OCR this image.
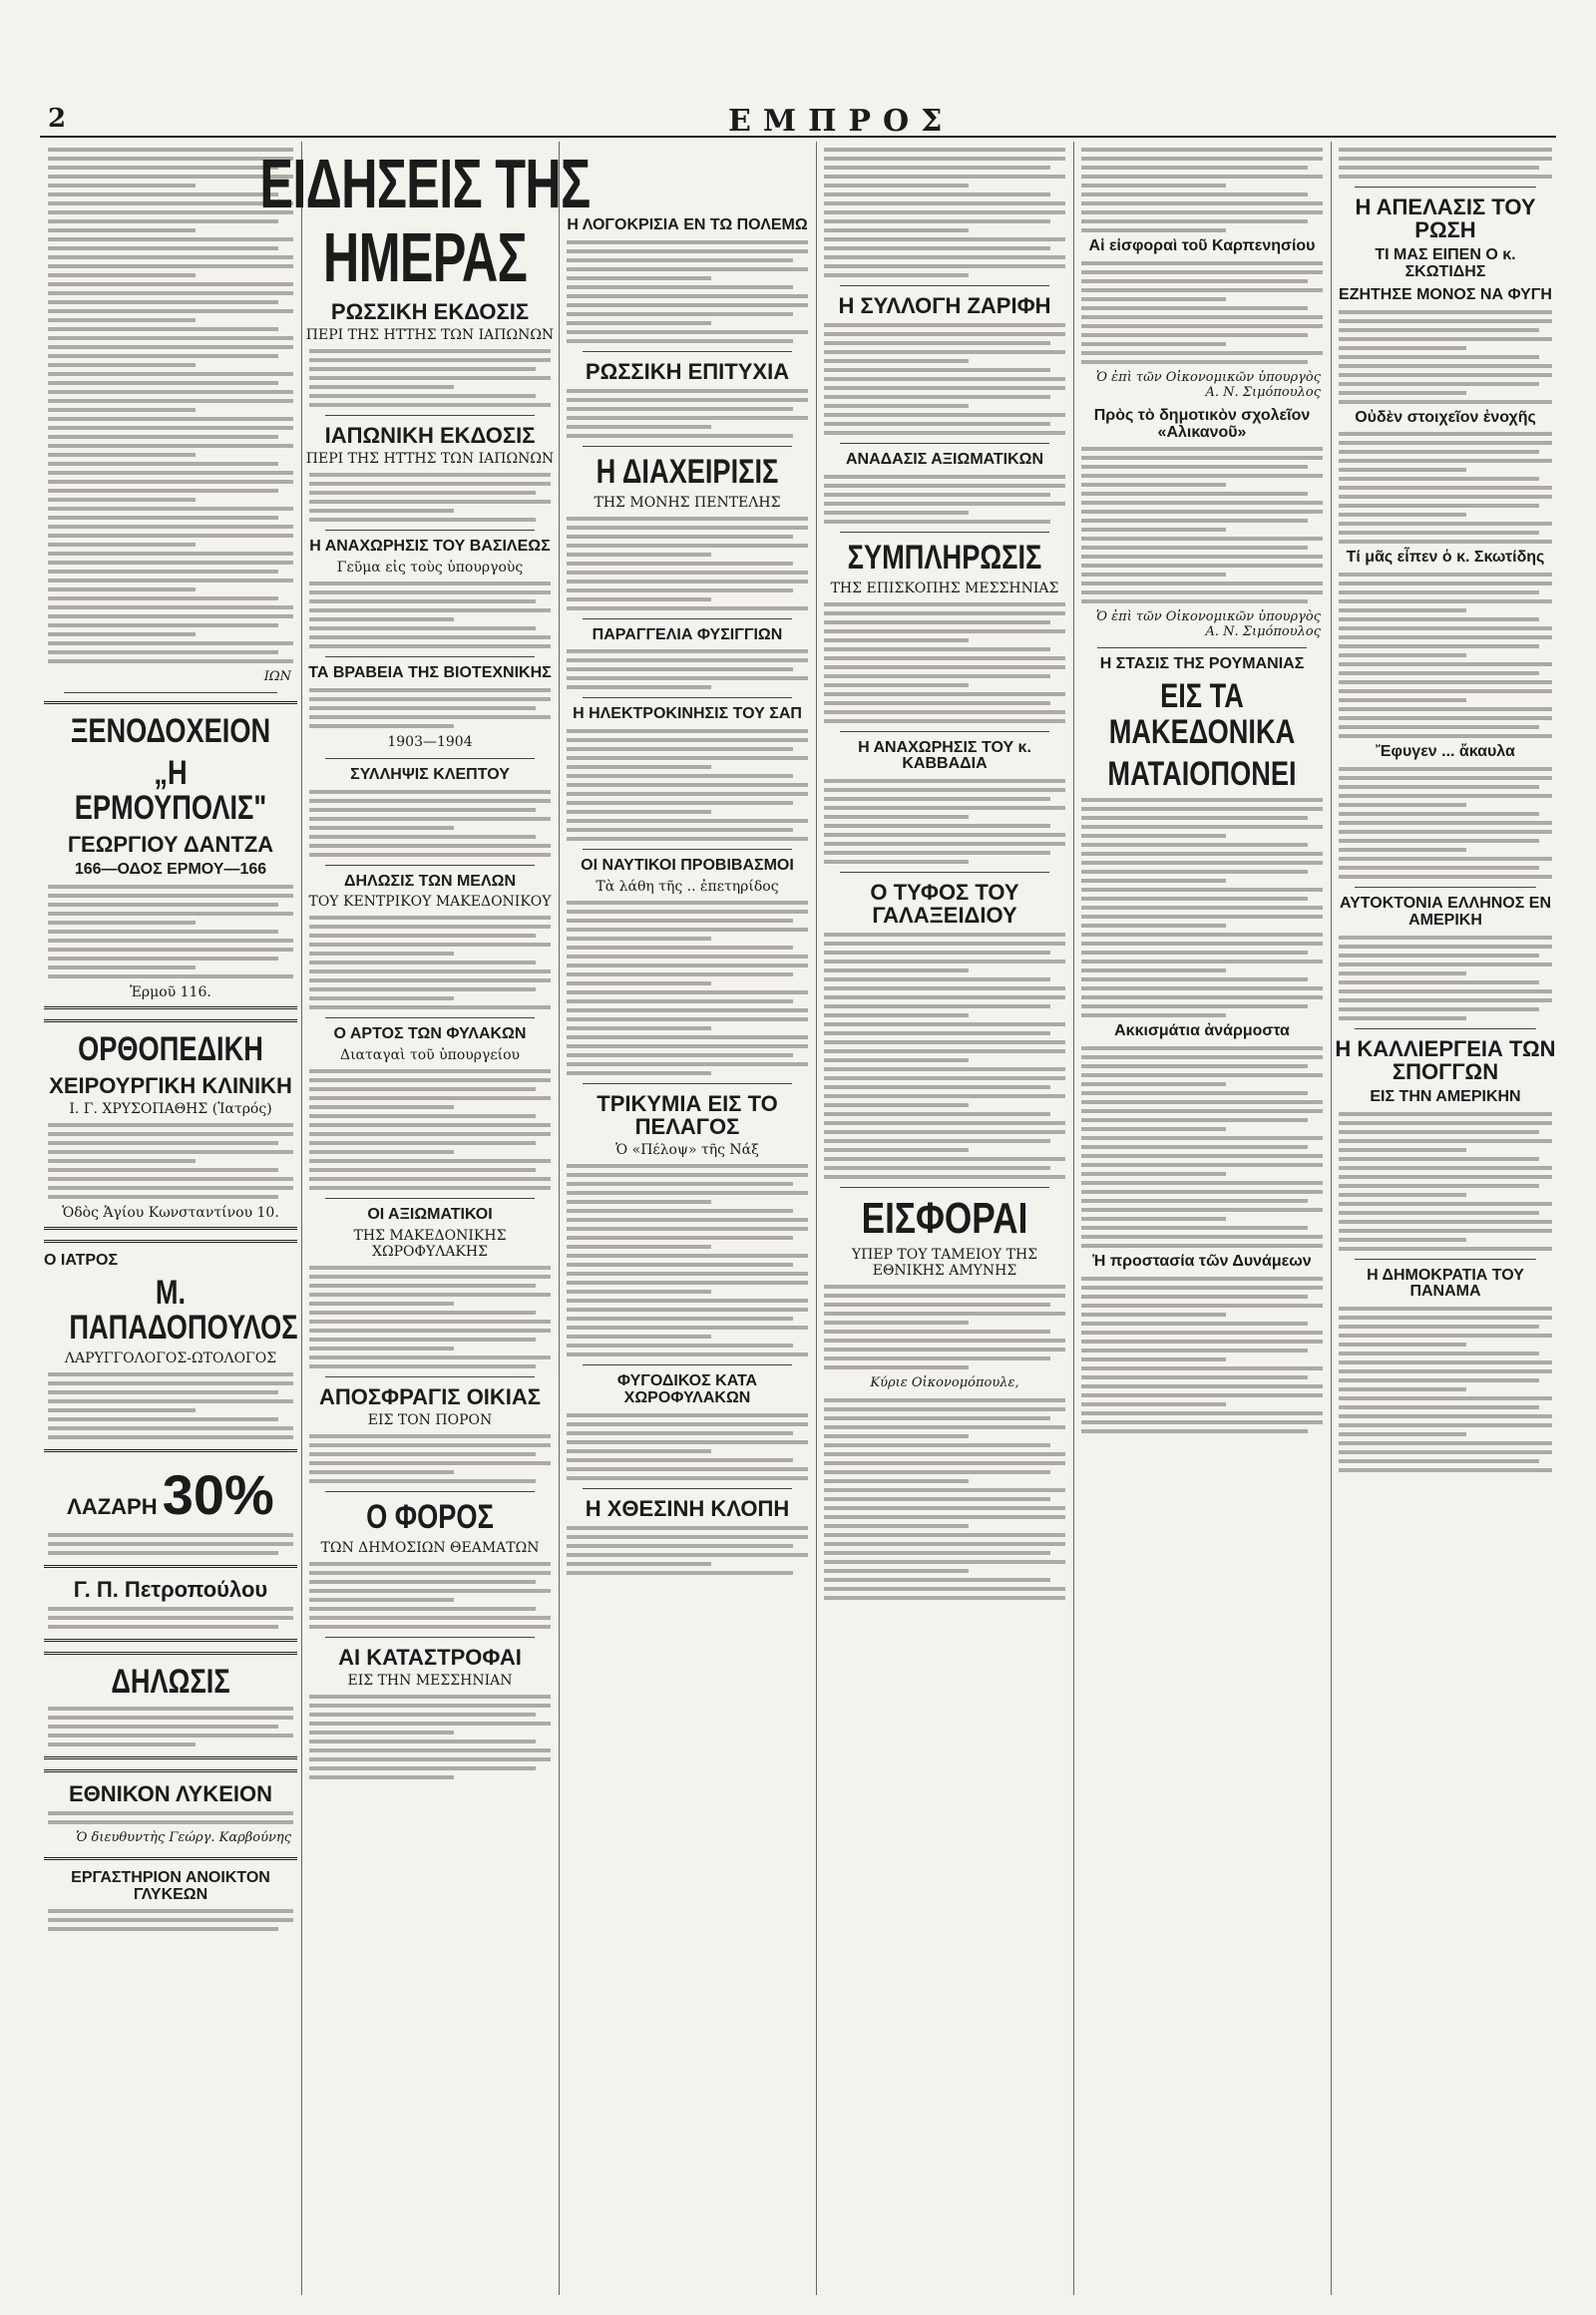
2	ΕΜΠΡΟΣ
ΙΩΝ
ΞΕΝΟΔΟΧΕΙΟΝ
„Η ΕΡΜΟΥΠΟΛΙΣ"
ΓΕΩΡΓΙΟΥ ΔΑΝΤΖΑ
166—ΟΔΟΣ ΕΡΜΟΥ—166
Ἑρμοῦ 116.
ΟΡΘΟΠΕΔΙΚΗ
ΧΕΙΡΟΥΡΓΙΚΗ ΚΛΙΝΙΚΗ
Ι. Γ. ΧΡΥΣΟΠΑΘΗΣ (Ἰατρός)
Ὁδὸς Ἁγίου Κωνσταντίνου 10.
Ο ΙΑΤΡΟΣ
Μ. ΠΑΠΑΔΟΠΟΥΛΟΣ
ΛΑΡΥΓΓΟΛΟΓΟΣ-ΩΤΟΛΟΓΟΣ
ΛΑΖΑΡΗ 30%
Γ. Π. Πετροπούλου
ΔΗΛΩΣΙΣ
ΕΘΝΙΚΟΝ ΛΥΚΕΙΟΝ
Ὁ διευθυντὴς Γεώργ. Καρβούνης
ΕΡΓΑΣΤΗΡΙΟΝ ΑΝΟΙΚΤΟΝ ΓΛΥΚΕΩΝ
ΕΙΔΗΣΕΙΣ ΤΗΣ ΗΜΕΡΑΣ
ΡΩΣΣΙΚΗ ΕΚΔΟΣΙΣ
ΠΕΡΙ ΤΗΣ ΗΤΤΗΣ ΤΩΝ ΙΑΠΩΝΩΝ
ΙΑΠΩΝΙΚΗ ΕΚΔΟΣΙΣ
ΠΕΡΙ ΤΗΣ ΗΤΤΗΣ ΤΩΝ ΙΑΠΩΝΩΝ
Η ΑΝΑΧΩΡΗΣΙΣ ΤΟΥ ΒΑΣΙΛΕΩΣ
Γεῦμα εἰς τοὺς ὑπουργοὺς
ΤΑ ΒΡΑΒΕΙΑ ΤΗΣ ΒΙΟΤΕΧΝΙΚΗΣ
1903—1904
ΣΥΛΛΗΨΙΣ ΚΛΕΠΤΟΥ
ΔΗΛΩΣΙΣ ΤΩΝ ΜΕΛΩΝ
ΤΟΥ ΚΕΝΤΡΙΚΟΥ ΜΑΚΕΔΟΝΙΚΟΥ
Ο ΑΡΤΟΣ ΤΩΝ ΦΥΛΑΚΩΝ
Διαταγαὶ τοῦ ὑπουργείου
ΟΙ ΑΞΙΩΜΑΤΙΚΟΙ
ΤΗΣ ΜΑΚΕΔΟΝΙΚΗΣ ΧΩΡΟΦΥΛΑΚΗΣ
ΑΠΟΣΦΡΑΓΙΣ ΟΙΚΙΑΣ
ΕΙΣ ΤΟΝ ΠΟΡΟΝ
Ο ΦΟΡΟΣ
ΤΩΝ ΔΗΜΟΣΙΩΝ ΘΕΑΜΑΤΩΝ
ΑΙ ΚΑΤΑΣΤΡΟΦΑΙ
ΕΙΣ ΤΗΝ ΜΕΣΣΗΝΙΑΝ
Η ΛΟΓΟΚΡΙΣΙΑ ΕΝ ΤΩ ΠΟΛΕΜΩ
ΡΩΣΣΙΚΗ ΕΠΙΤΥΧΙΑ
Η ΔΙΑΧΕΙΡΙΣΙΣ
ΤΗΣ ΜΟΝΗΣ ΠΕΝΤΕΛΗΣ
ΠΑΡΑΓΓΕΛΙΑ ΦΥΣΙΓΓΙΩΝ
Η ΗΛΕΚΤΡΟΚΙΝΗΣΙΣ ΤΟΥ ΣΑΠ
ΟΙ ΝΑΥΤΙΚΟΙ ΠΡΟΒΙΒΑΣΜΟΙ
Τὰ λάθη τῆς .. ἐπετηρίδος
ΤΡΙΚΥΜΙΑ ΕΙΣ ΤΟ ΠΕΛΑΓΟΣ
Ὁ «Πέλοψ» τῆς Νάξ
ΦΥΓΟΔΙΚΟΣ ΚΑΤΑ ΧΩΡΟΦΥΛΑΚΩΝ
Η ΧΘΕΣΙΝΗ ΚΛΟΠΗ
Η ΣΥΛΛΟΓΗ ΖΑΡΙΦΗ
ΑΝΑΔΑΣΙΣ ΑΞΙΩΜΑΤΙΚΩΝ
ΣΥΜΠΛΗΡΩΣΙΣ
ΤΗΣ ΕΠΙΣΚΟΠΗΣ ΜΕΣΣΗΝΙΑΣ
Η ΑΝΑΧΩΡΗΣΙΣ ΤΟΥ κ. ΚΑΒΒΑΔΙΑ
Ο ΤΥΦΟΣ ΤΟΥ ΓΑΛΑΞΕΙΔΙΟΥ
ΕΙΣΦΟΡΑΙ
ΥΠΕΡ ΤΟΥ ΤΑΜΕΙΟΥ ΤΗΣ ΕΘΝΙΚΗΣ ΑΜΥΝΗΣ
Κύριε Οἰκονομόπουλε,
Αἱ εἰσφοραὶ τοῦ Καρπενησίου
Ὁ ἐπὶ τῶν Οἰκονομικῶν ὑπουργὸς Α. Ν. Σιμόπουλος
Πρὸς τὸ δημοτικὸν σχολεῖον «Αλικανοῦ»
Ὁ ἐπὶ τῶν Οἰκονομικῶν ὑπουργὸς Α. Ν. Σιμόπουλος
Η ΣΤΑΣΙΣ ΤΗΣ ΡΟΥΜΑΝΙΑΣ
ΕΙΣ ΤΑ ΜΑΚΕΔΟΝΙΚΑ
ΜΑΤΑΙΟΠΟΝΕΙ
Ακκισμάτια ἀνάρμοστα
Ἡ προστασία τῶν Δυνάμεων
Η ΑΠΕΛΑΣΙΣ ΤΟΥ ΡΩΣΗ
ΤΙ ΜΑΣ ΕΙΠΕΝ Ο κ. ΣΚΩΤΙΔΗΣ
ΕΖΗΤΗΣΕ ΜΟΝΟΣ ΝΑ ΦΥΓΗ
Οὐδὲν στοιχεῖον ἐνοχῆς
Τί μᾶς εἶπεν ὁ κ. Σκωτίδης
Ἔφυγεν ... ἄκαυλα
ΑΥΤΟΚΤΟΝΙΑ ΕΛΛΗΝΟΣ ΕΝ ΑΜΕΡΙΚΗ
Η ΚΑΛΛΙΕΡΓΕΙΑ ΤΩΝ ΣΠΟΓΓΩΝ
ΕΙΣ ΤΗΝ ΑΜΕΡΙΚΗΝ
Η ΔΗΜΟΚΡΑΤΙΑ ΤΟΥ ΠΑΝΑΜΑ
